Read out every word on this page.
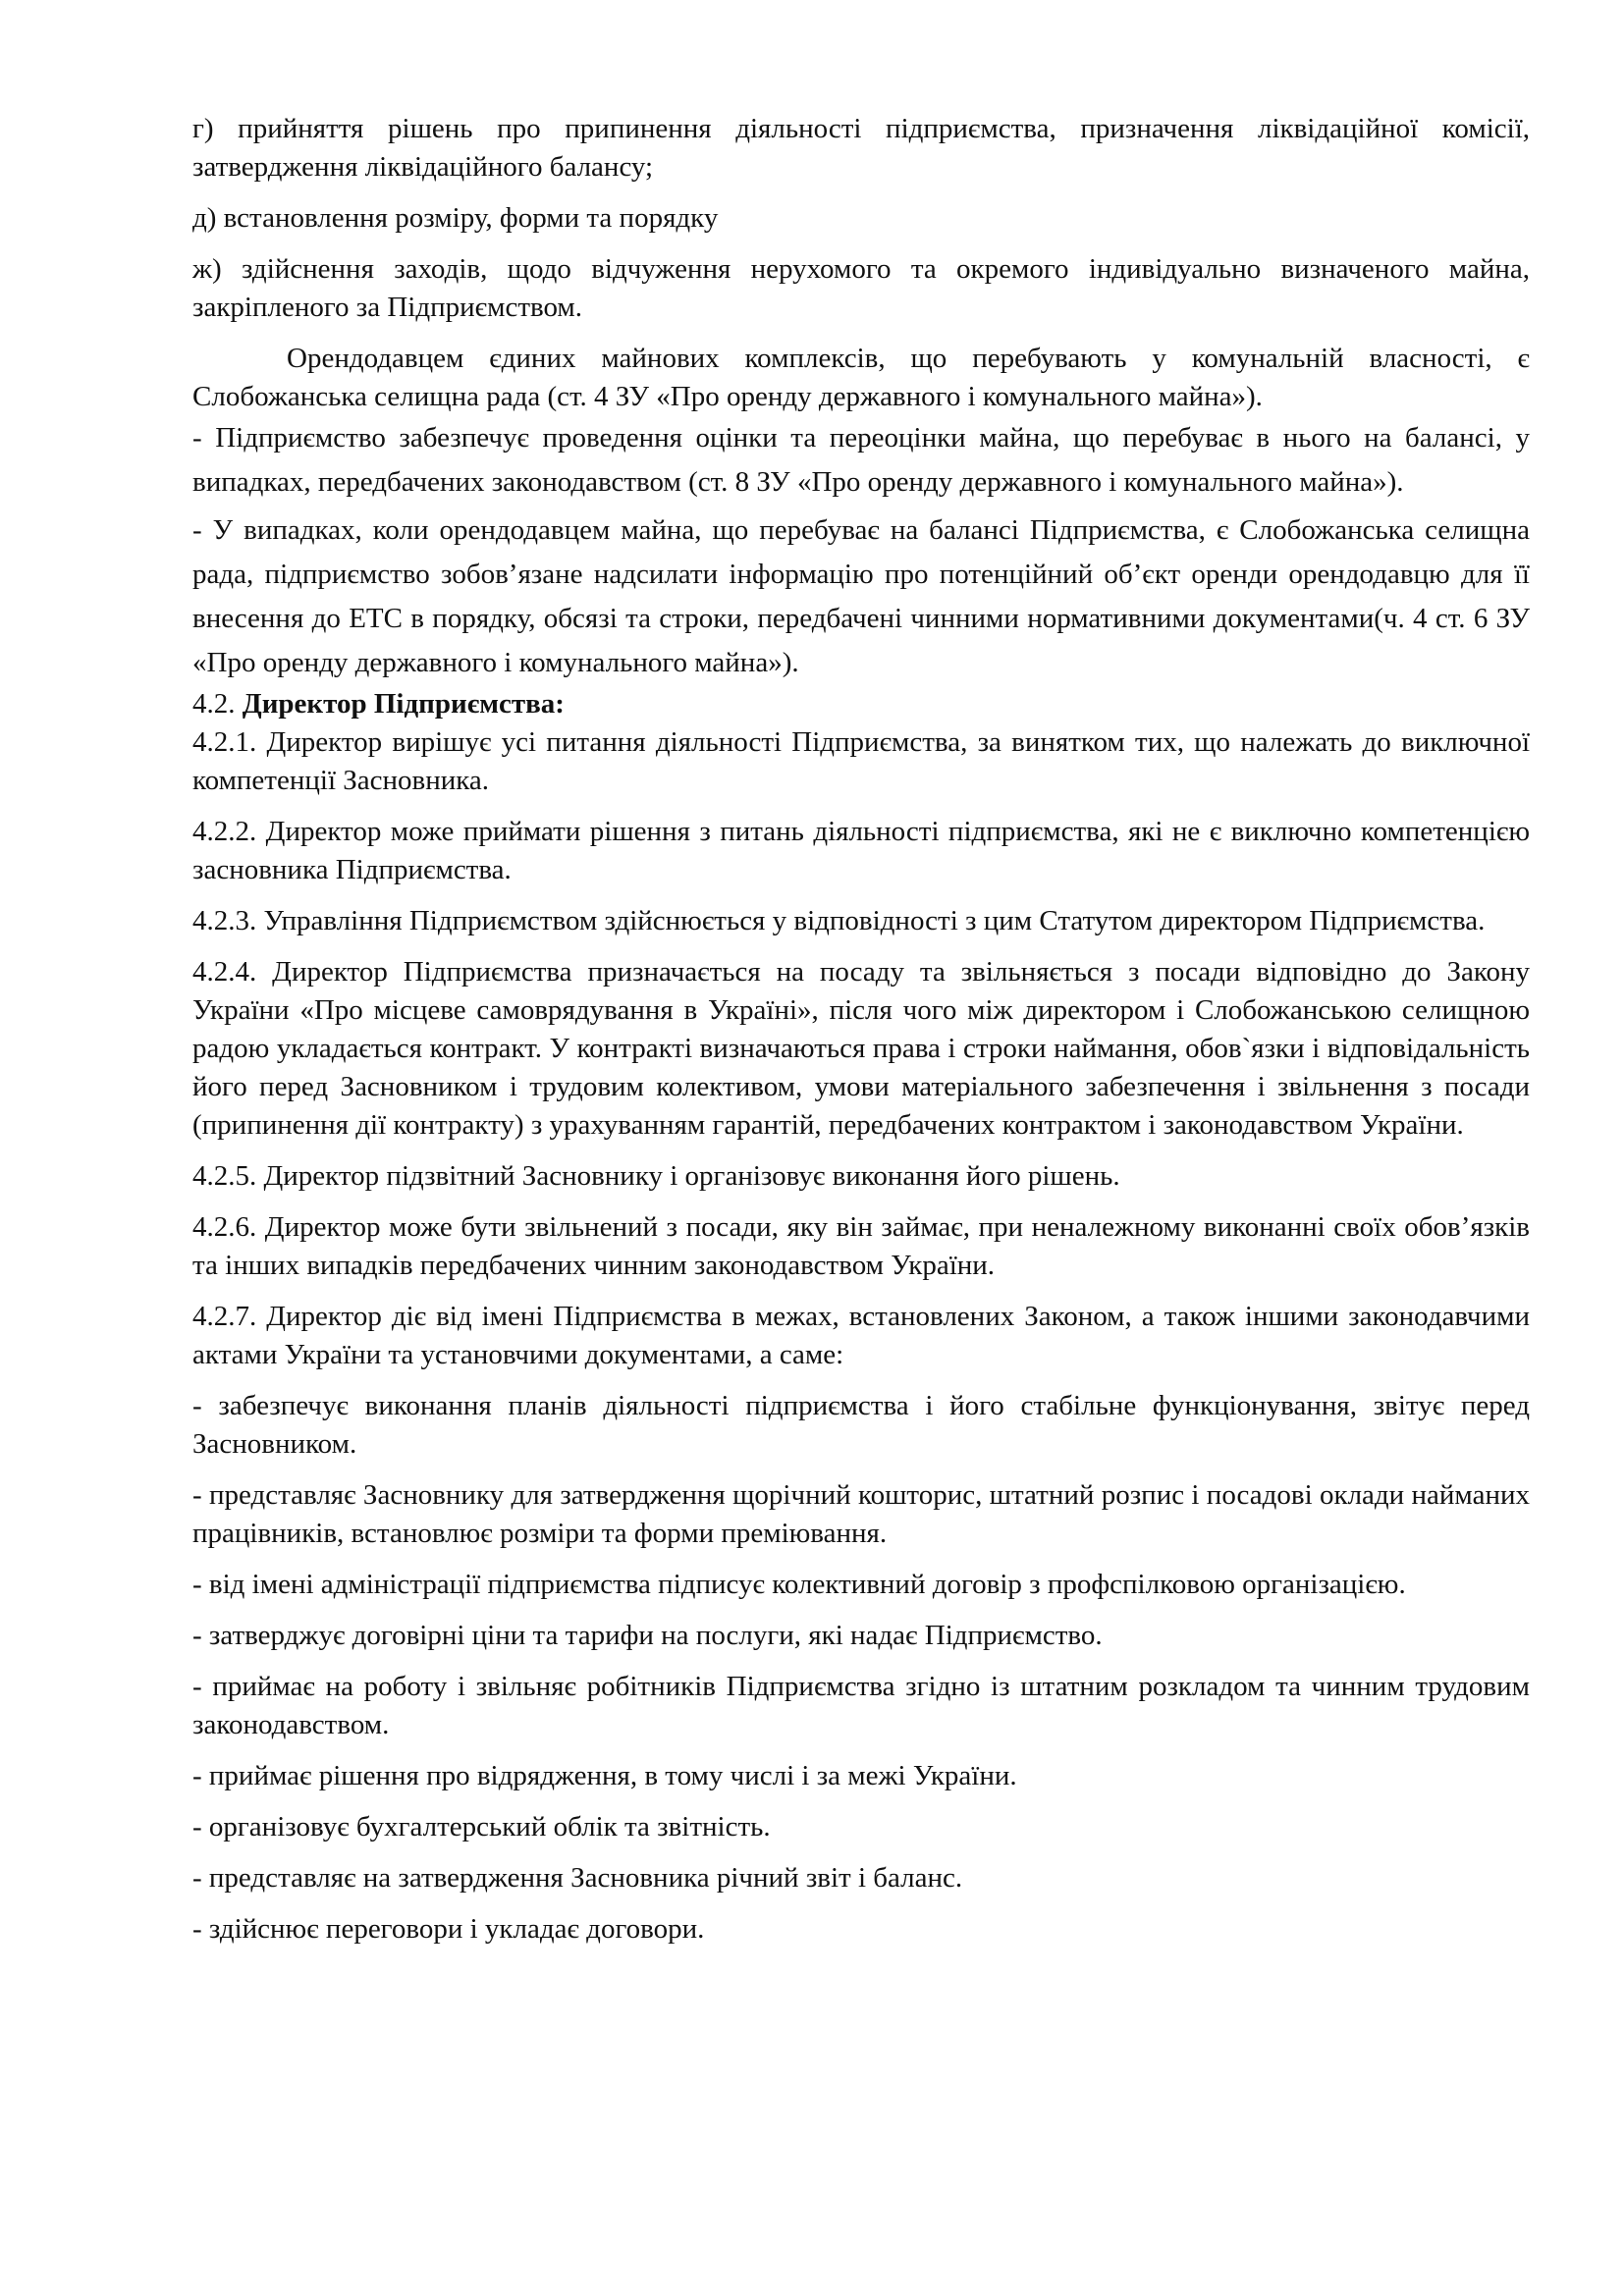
г) прийняття рішень про припинення діяльності підприємства, призначення ліквідаційної комісії, затвердження ліквідаційного балансу;

д) встановлення розміру, форми та порядку

ж) здійснення заходів, щодо відчуження нерухомого та окремого індивідуально визначеного майна, закріпленого за Підприємством.

Орендодавцем єдиних майнових комплексів, що перебувають у комунальній власності, є Слобожанська селищна рада (ст. 4 ЗУ «Про оренду державного і комунального майна»).

- Підприємство забезпечує проведення оцінки та переоцінки майна, що перебуває в нього на балансі, у випадках, передбачених законодавством (ст. 8 ЗУ «Про оренду державного і комунального майна»).

- У випадках, коли орендодавцем майна, що перебуває на балансі Підприємства, є Слобожанська селищна рада, підприємство зобов’язане надсилати інформацію про потенційний об’єкт оренди орендодавцю для її внесення до ЕТС в порядку, обсязі та строки, передбачені чинними нормативними документами(ч. 4 ст. 6 ЗУ «Про оренду державного і комунального майна»).

4.2. Директор Підприємства:

4.2.1. Директор вирішує усі питання діяльності Підприємства, за винятком тих, що належать до виключної компетенції Засновника.

4.2.2. Директор може приймати рішення з питань діяльності підприємства, які не є виключно компетенцією засновника Підприємства.

4.2.3. Управління Підприємством здійснюється у відповідності з цим Статутом директором Підприємства.

4.2.4. Директор Підприємства призначається на посаду та звільняється з посади відповідно до Закону України «Про місцеве самоврядування в Україні», після чого між директором і Слобожанською селищною радою укладається контракт. У контракті визначаються права і строки наймання, обов`язки і відповідальність його перед Засновником і трудовим колективом, умови матеріального забезпечення і звільнення з посади (припинення дії контракту) з урахуванням гарантій, передбачених контрактом і законодавством України.

4.2.5. Директор підзвітний Засновнику і організовує виконання його рішень.

4.2.6. Директор може бути звільнений з посади, яку він займає, при неналежному виконанні своїх обов’язків та інших випадків передбачених чинним законодавством України.

4.2.7. Директор діє від імені Підприємства в межах, встановлених Законом, а також іншими законодавчими актами України та установчими документами, а саме:

- забезпечує виконання планів діяльності підприємства і його стабільне функціонування, звітує перед Засновником.

- представляє Засновнику для затвердження щорічний кошторис, штатний розпис і посадові оклади найманих працівників, встановлює розміри та форми преміювання.

- від імені адміністрації підприємства підписує колективний договір з профспілковою організацією.

- затверджує договірні ціни та тарифи на послуги, які надає Підприємство.

- приймає на роботу і звільняє робітників Підприємства згідно із штатним розкладом та чинним трудовим законодавством.

- приймає рішення про відрядження, в тому числі і за межі України.

- організовує бухгалтерський облік та звітність.

- представляє на затвердження Засновника річний звіт і баланс.

- здійснює переговори і укладає договори.
